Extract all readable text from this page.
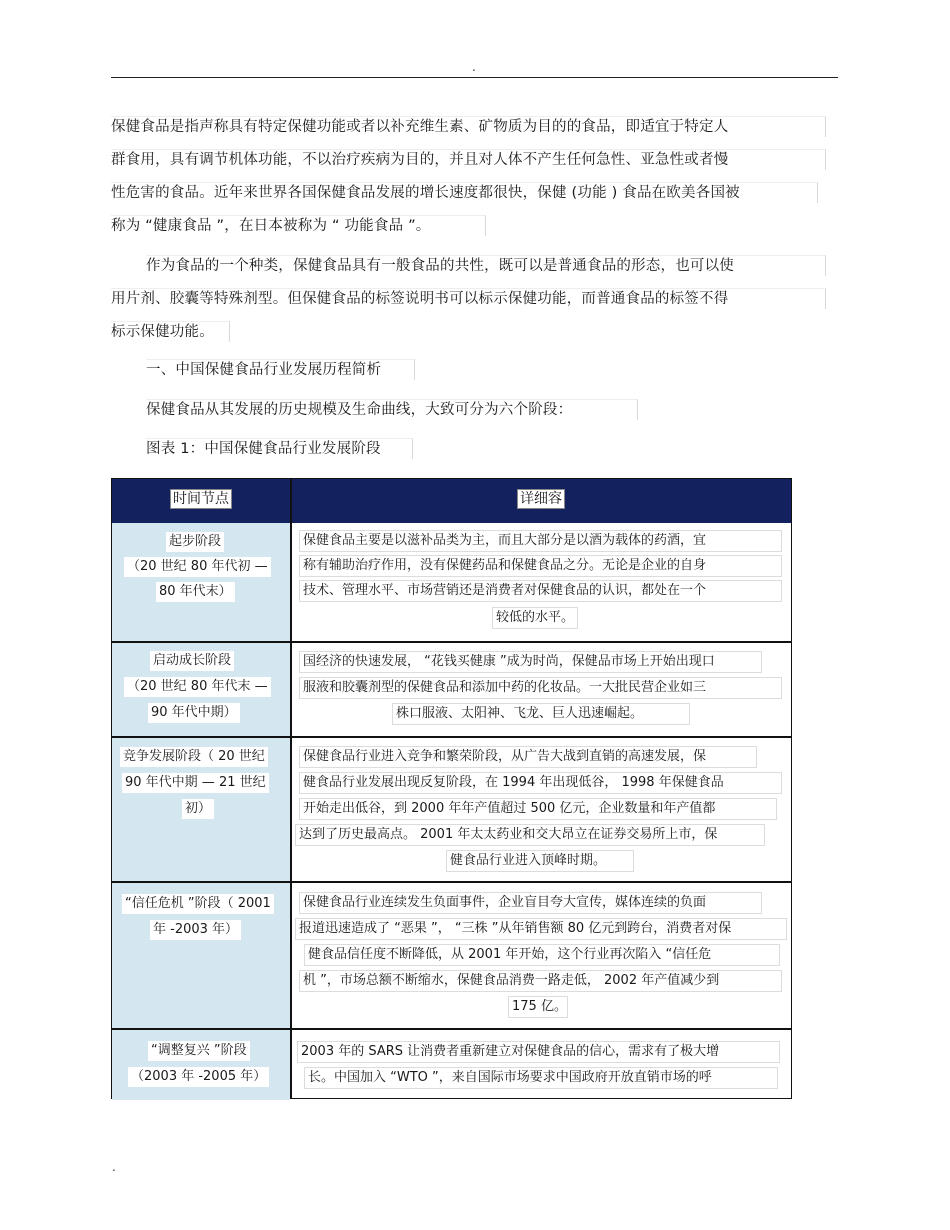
.
保健食品是指声称具有特定保健功能或者以补充维生素、矿物质为目的的食品，即适宜于特定人
群食用，具有调节机体功能，不以治疗疾病为目的，并且对人体不产生任何急性、亚急性或者慢
性危害的食品。近年来世界各国保健食品发展的增长速度都很快，保健 (功能 ) 食品在欧美各国被
称为 “健康食品 ”，在日本被称为 “ 功能食品 ”。
作为食品的一个种类，保健食品具有一般食品的共性，既可以是普通食品的形态，也可以使
用片剂、胶囊等特殊剂型。但保健食品的标签说明书可以标示保健功能，而普通食品的标签不得
标示保健功能。
一、中国保健食品行业发展历程简析
保健食品从其发展的历史规模及生命曲线，大致可分为六个阶段：
图表 1：中国保健食品行业发展阶段
时间节点	详细容
起步阶段
（20 世纪 80 年代初 —
80 年代末）
保健食品主要是以滋补品类为主，而且大部分是以酒为载体的药酒，宜
称有辅助治疗作用，没有保健药品和保健食品之分。无论是企业的自身
技术、管理水平、市场营销还是消费者对保健食品的认识，都处在一个
较低的水平。
启动成长阶段
（20 世纪 80 年代末 —
90 年代中期）
国经济的快速发展， “花钱买健康 ”成为时尚，保健品市场上开始出现口
服液和胶囊剂型的保健食品和添加中药的化妆品。一大批民营企业如三
株口服液、太阳神、飞龙、巨人迅速崛起。
竞争发展阶段（ 20 世纪
90 年代中期 — 21 世纪
初）
保健食品行业进入竞争和繁荣阶段，从广告大战到直销的高速发展，保
健食品行业发展出现反复阶段，在 1994 年出现低谷， 1998 年保健食品
开始走出低谷，到 2000 年年产值超过 500 亿元，企业数量和年产值都
达到了历史最高点。 2001 年太太药业和交大昂立在证券交易所上市，保
健食品行业进入顶峰时期。
“信任危机 ”阶段（ 2001
年 -2003 年）
保健食品行业连续发生负面事件，企业盲目夸大宣传，媒体连续的负面
报道迅速造成了 “恶果 ”， “三株 ”从年销售额 80 亿元到跨台，消费者对保
健食品信任度不断降低，从 2001 年开始，这个行业再次陷入 “信任危
机 ”，市场总额不断缩水，保健食品消费一路走低， 2002 年产值减少到
175 亿。
“调整复兴 ”阶段
（2003 年 -2005 年）
2003 年的 SARS 让消费者重新建立对保健食品的信心，需求有了极大增
长。中国加入 “WTO ”，来自国际市场要求中国政府开放直销市场的呼
.
